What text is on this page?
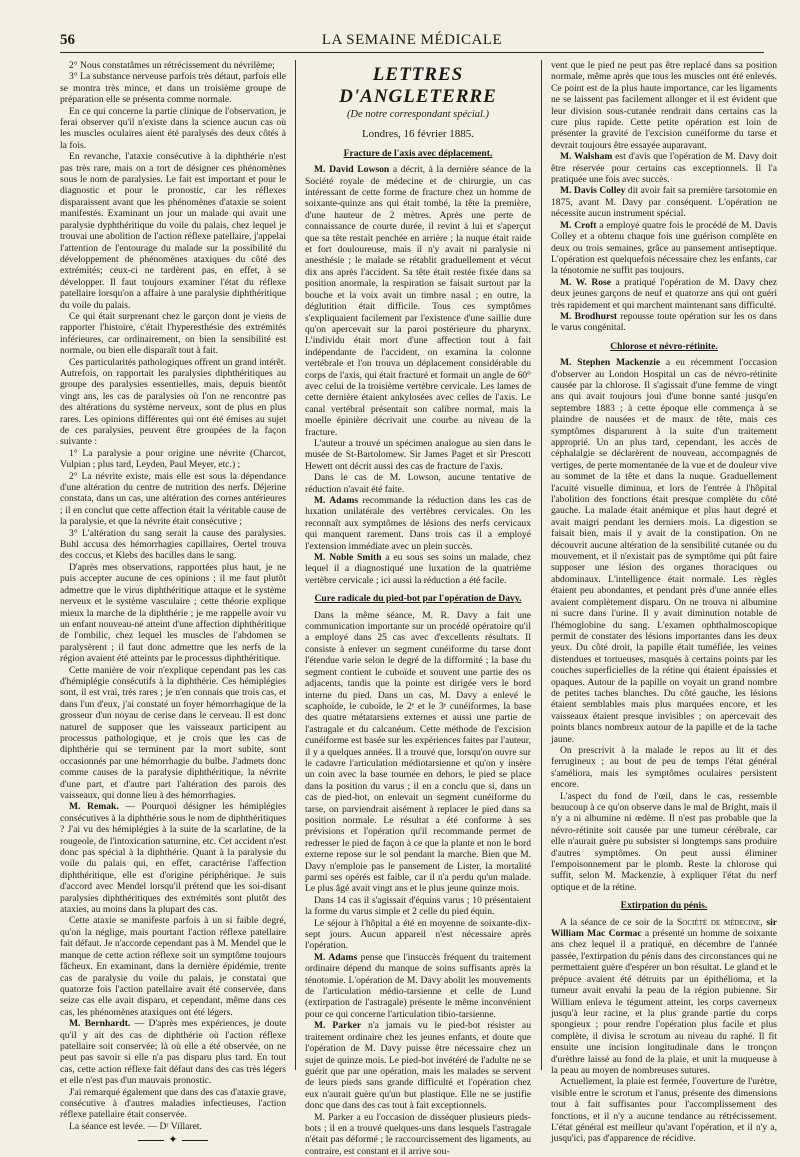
56	LA SEMAINE MÉDICALE

2° Nous constatâmes un rétrécissement du névrilème;

3° La substance nerveuse parfois très détaut, parfois elle se montra très mince, et dans un troisième groupe de préparation elle se présenta comme normale.

En ce qui concerne la partie clinique de l'observation, je ferai observer qu'il n'existe dans la science aucun cas où les muscles oculaires aient été paralysés des deux côtés à la fois.

En revanche, l'ataxie consécutive à la diphthérie n'est pas très rare, mais on a tort de désigner ces phénomènes sous le nom de paralysies. Le fait est important et pour le diagnostic et pour le pronostic, car les réflexes disparaissent avant que les phénomènes d'ataxie se soient manifestés. Examinant un jour un malade qui avait une paralysie dyphthéritique du voile du palais, chez lequel je trouvai une abolition de l'action réflexe patellaire, j'appelai l'attention de l'entourage du malade sur la possibilité du développement de phénomènes ataxiques du côté des extrémités; ceux-ci ne tardèrent pas, en effet, à se développer. Il faut toujours examiner l'état du réflexe patellaire lorsqu'on a affaire à une paralysie diphthéritique du voile du palais.

Ce qui était surprenant chez le garçon dont je viens de rapporter l'histoire, c'était l'hyperesthésie des extrémités inférieures, car ordinairement, on bien la sensibilité est normale, ou bien elle disparaît tout à fait.

Ces particularités pathologiques offrent un grand intérêt. Autrefois, on rapportait les paralysies diphthéritiques au groupe des paralysies essentielles, mais, depuis bientôt vingt ans, les cas de paralysies où l'on ne rencontre pas des altérations du système nerveux, sont de plus en plus rares. Les opinions différentes qui ont été émises au sujet de ces paralysies, peuvent être groupées de la façon suivante :

1° La paralysie a pour origine une névrite (Charcot, Vulpian ; plus tard, Leyden, Paul Meyer, etc.) ;

2° La névrite existe, mais elle est sous la dépendance d'une altération du centre de nutrition des nerfs. Déjerine constata, dans un cas, une altération des cornes antérieures ; il en conclut que cette affection était la véritable cause de la paralysie, et que la névrite était consécutive ;

3° L'altération du sang serait la cause des paralysies. Buhl accusa des hémorrhagies capillaires, Oertel trouva des coccus, et Klebs des bacilles dans le sang.

D'après mes observations, rapportées plus haut, je ne puis accepter aucune de ces opinions ; il me faut plutôt admettre que le virus diphthéritique attaque et le système nerveux et le système vasculaire ; cette théorie explique mieux la marche de la diphthérie ; je me rappelle avoir vu un enfant nouveau-né atteint d'une affection diphthéritique de l'ombilic, chez lequel les muscles de l'abdomen se paralysèrent ; il faut donc admettre que les nerfs de la région avaient été atteints par le processus diphthéritique.

Cette manière de voir n'explique cependant pas les cas d'hémiplégie consécutifs à la diphthérie. Ces hémiplégies sont, il est vrai, très rares ; je n'en connais que trois cas, et dans l'un d'eux, j'ai constaté un foyer hémorrhagique de la grosseur d'un noyau de cerise dans le cerveau. Il est donc naturel de supposer que les vaisseaux participent au processus pathologique, et je crois que les cas de diphthérie qui se terminent par la mort subite, sont occasionnés par une hémorrhagie du bulbe. J'admets donc comme causes de la paralysie diphthéritique, la névrite d'une part, et d'autre part l'altération des parois des vaisseaux, qui donne lieu à des hémorrhagies.

M. Remak. — Pourquoi désigner les hémiplégies consécutives à la diphthérie sous le nom de diphthéritiques ? J'ai vu des hémiplégies à la suite de la scarlatine, de la rougeole, de l'intoxication saturnine, etc. Cet accident n'est donc pas spécial à la diphthérie. Quant à la paralysie du voile du palais qui, en effet, caractérise l'affection diphthéritique, elle est d'origine périphérique. Je suis d'accord avec Mendel lorsqu'il prétend que les soi-disant paralysies diphthéritiques des extrémités sont plutôt des ataxies, au moins dans la plupart des cas.

Cette ataxie se manifeste parfois à un si faible degré, qu'on la néglige, mais pourtant l'action réflexe patellaire fait défaut. Je n'accorde cependant pas à M. Mendel que le manque de cette action réflexe soit un symptôme toujours fâcheux. En examinant, dans la dernière épidémie, trente cas de paralysie du voile du palais, je constatai que quatorze fois l'action patellaire avait été conservée, dans seize cas elle avait disparu, et cependant, même dans ces cas, les phénomènes ataxiques ont été légers.

M. Bernhardt. — D'après mes expériences, je doute qu'il y ait des cas de diphthérie où l'action réflexe patellaire soit conservée; là où elle a été observée, on ne peut pas savoir si elle n'a pas disparu plus tard. En tout cas, cette action réflexe fait défaut dans des cas très légers et elle n'est pas d'un mauvais pronostic.

J'ai remarqué également que dans des cas d'ataxie grave, consécutive à d'autres maladies infectieuses, l'action réflexe patellaire était conservée.

La séance est levée. — Dʳ Villaret.

✦

LETTRES D'ANGLETERRE

(De notre correspondant spécial.)

Londres, 16 février 1885.

Fracture de l'axis avec déplacement.

M. David Lowson a décrit, à la dernière séance de la Société royale de médecine et de chirurgie, un cas intéressant de cette forme de fracture chez un homme de soixante-quinze ans qui était tombé, la tête la première, d'une hauteur de 2 mètres. Après une perte de connaissance de courte durée, il revint à lui et s'aperçut que sa tête restait penchée en arrière ; la nuque était raide et fort douloureuse, mais il n'y avait ni paralysie ni anesthésie ; le malade se rétablit graduellement et vécut dix ans après l'accident. Sa tête était restée fixée dans sa position anormale, la respiration se faisait surtout par la bouche et la voix avait un timbre nasal ; en outre, la déglutition était difficile. Tous ces symptômes s'expliquaient facilement par l'existence d'une saillie dure qu'on apercevait sur la paroi postérieure du pharynx. L'individu était mort d'une affection tout à fait indépendante de l'accident, on examina la colonne vertébrale et l'on trouva un déplacement considérable du corps de l'axis, qui était fracturé et formait un angle de 60° avec celui de la troisième vertèbre cervicale. Les lames de cette dernière étaient ankylosées avec celles de l'axis. Le canal vertébral présentait son calibre normal, mais la moelle épinière décrivait une courbe au niveau de la fracture.

L'auteur a trouvé un spécimen analogue au sien dans le musée de St-Bartolomew. Sir James Paget et sir Prescott Hewett ont décrit aussi des cas de fracture de l'axis.

Dans le cas de M. Lowson, aucune tentative de réduction n'avait été faite.

M. Adams recommande la réduction dans les cas de luxation unilatérale des vertèbres cervicales. On les reconnaît aux symptômes de lésions des nerfs cervicaux qui manquent rarement. Dans trois cas il a employé l'extension immédiate avec un plein succès.

M. Noble Smith a eu sous ses soins un malade, chez lequel il a diagnostiqué une luxation de la quatrième vertèbre cervicale ; ici aussi la réduction a été facile.

Cure radicale du pied-bot par l'opération de Davy.

Dans la même séance, M. R. Davy a fait une communication importante sur un procédé opératoire qu'il a employé dans 25 cas avec d'excellents résultats. Il consiste à enlever un segment cunéiforme du tarse dont l'étendue varie selon le degré de la difformité ; la base du segment contient le cuboïde et souvent une partie des os adjacents, tandis que la pointe est dirigée vers le bord interne du pied. Dans un cas, M. Davy a enlevé le scaphoïde, le cuboïde, le 2ᵉ et le 3ᵉ cunéiformes, la base des quatre métatarsiens externes et aussi une partie de l'astragale et du calcanéum. Cette méthode de l'excision cunéiforme est basée sur les expériences faites par l'auteur, il y a quelques années. Il a trouvé que, lorsqu'on ouvre sur le cadavre l'articulation médiotarsienne et qu'on y insère un coin avec la base tournée en dehors, le pied se place dans la position du varus ; il en a conclu que si, dans un cas de pied-bot, on enlevait un segment cunéiforme du tarse, on parviendrait aisément à replacer le pied dans sa position normale. Le résultat a été conforme à ses prévisions et l'opération qu'il recommande permet de redresser le pied de façon à ce que la plante et non le bord externe repose sur le sol pendant la marche. Bien que M. Davy n'emploie pas le pansement de Lister, la mortalité parmi ses opérés est faible, car il n'a perdu qu'un malade. Le plus âgé avait vingt ans et le plus jeune quinze mois.

Dans 14 cas il s'agissait d'équins varus ; 10 présentaient la forme du varus simple et 2 celle du pied équin.

Le séjour à l'hôpital a été en moyenne de soixante-dix-sept jours. Aucun appareil n'est nécessaire après l'opération.

M. Adams pense que l'insuccès fréquent du traitement ordinaire dépend du manque de soins suffisants après la ténotomie. L'opération de M. Davy abolit les mouvements de l'articulation médio-tarsienne et celle de Lund (extirpation de l'astragale) présente le même inconvénient pour ce qui concerne l'articulation tibio-tarsienne.

M. Parker n'a jamais vu le pied-bot résister au traitement ordinaire chez les jeunes enfants, et doute que l'opération de M. Davy puisse être nécessaire chez un sujet de quinze mois. Le pied-bot invétéré de l'adulte ne se guérit que par une opération, mais les malades se servent de leurs pieds sans grande difficulté et l'opération chez eux n'aurait guère qu'un but plastique. Elle ne se justifie donc que dans des cas tout à fait exceptionnels.

M. Parker a eu l'occasion de disséquer plusieurs pieds-bots ; il en a trouvé quelques-uns dans lesquels l'astragale n'était pas déformé ; le raccourcissement des ligaments, au contraire, est constant et il arrive sou-

vent que le pied ne peut pas être replacé dans sa position normale, même après que tous les muscles ont été enlevés. Ce point est de la plus haute importance, car les ligaments ne se laissent pas facilement allonger et il est évident que leur division sous-cutanée rendrait dans certains cas la cure plus rapide. Cette petite opération est loin de présenter la gravité de l'excision cunéiforme du tarse et devrait toujours être essayée auparavant.

M. Walsham est d'avis que l'opération de M. Davy doit être réservée pour certains cas exceptionnels. Il l'a pratiquée une fois avec succès.

M. Davis Colley dit avoir fait sa première tarsotomie en 1875, avant M. Davy par conséquent. L'opération ne nécessite aucun instrument spécial.

M. Croft a employé quatre fois le procédé de M. Davis Colley et a obtenu chaque fois une guérison complète en deux ou trois semaines, grâce au pansement antiseptique. L'opération est quelquefois nécessaire chez les enfants, car la ténotomie ne suffit pas toujours.

M. W. Rose a pratiqué l'opération de M. Davy chez deux jeunes garçons de neuf et quatorze ans qui ont guéri très rapidement et qui marchent maintenant sans difficulté.

M. Brodhurst repousse toute opération sur les os dans le varus congénital.

Chlorose et névro-rétinite.

M. Stephen Mackenzie a eu récemment l'occasion d'observer au London Hospital un cas de névro-rétinite causée par la chlorose. Il s'agissait d'une femme de vingt ans qui avait toujours joui d'une bonne santé jusqu'en septembre 1883 ; à cette époque elle commença à se plaindre de nausées et de maux de tête, mais ces symptômes disparurent à la suite d'un traitement approprié. Un an plus tard, cependant, les accès de céphalalgie se déclarèrent de nouveau, accompagnés de vertiges, de perte momentanée de la vue et de douleur vive au sommet de la tête et dans la nuque. Graduellement l'acuité visuelle diminua, et lors de l'entrée à l'hôpital l'abolition des fonctions était presque complète du côté gauche. La malade était anémique et plus haut degré et avait maigri pendant les derniers mois. La digestion se faisait bien, mais il y avait de la constipation. On ne découvrit aucune altération de la sensibilité cutanée ou du mouvement, et il n'existait pas de symptôme qui pût faire supposer une lésion des organes thoraciques ou abdominaux. L'intelligence était normale. Les règles étaient peu abondantes, et pendant près d'une année elles avaient complètement disparu. On ne trouva ni albumine ni sucre dans l'urine. Il y avait diminution notable de l'hémoglobine du sang. L'examen ophthalmoscopique permit de constater des lésions importantes dans les deux yeux. Du côté droit, la papille était tuméfiée, les veines distendues et tortueuses, masqués à certains points par les couches superficielles de la rétine qui étaient épaissies et opaques. Autour de la papille on voyait un grand nombre de petites taches blanches. Du côté gauche, les lésions étaient semblables mais plus marquées encore, et les vaisseaux étaient presque invisibles ; on apercevait des points blancs nombreux autour de la papille et de la tache jaune.

On prescrivit à la malade le repos au lit et des ferrugineux ; au bout de peu de temps l'état général s'améliora, mais les symptômes oculaires persistent encore.

L'aspect du fond de l'œil, dans le cas, ressemble beaucoup à ce qu'on observe dans le mal de Bright, mais il n'y a ni albumine ni œdème. Il n'est pas probable que la névro-rétinite soit causée par une tumeur cérébrale, car elle n'aurait guère pu subsister si longtemps sans produire d'autres symptômes. On peut aussi éliminer l'empoisonnement par le plomb. Reste la chlorose qui suffit, selon M. Mackenzie, à expliquer l'état du nerf optique et de la rétine.

Extirpation du pénis.

A la séance de ce soir de la Société de médecine, sir William Mac Cormac a présenté un homme de soixante ans chez lequel il a pratiqué, en décembre de l'année passée, l'extirpation du pénis dans des circonstances qui ne permettaient guère d'espérer un bon résultat. Le gland et le prépuce avaient été détruits par un épithélioma, et la tumeur avait envahi la peau de la région pubienne. Sir William enleva le tégument atteint, les corps caverneux jusqu'à leur racine, et la plus grande partie du corps spongieux ; pour rendre l'opération plus facile et plus complète, il divisa le scrotum au niveau du raphé. Il fit ensuite une incision longitudinale dans le tronçon d'urèthre laissé au fond de la plaie, et unit la muqueuse à la peau au moyen de nombreuses sutures.

Actuellement, la plaie est fermée, l'ouverture de l'urètre, visible entre le scrotum et l'anus, présente des dimensions tout à fait suffisantes pour l'accomplissement des fonctions, et il n'y a aucune tendance au rétrécissement. L'état général est meilleur qu'avant l'opération, et il n'y a, jusqu'ici, pas d'apparence de récidive.
